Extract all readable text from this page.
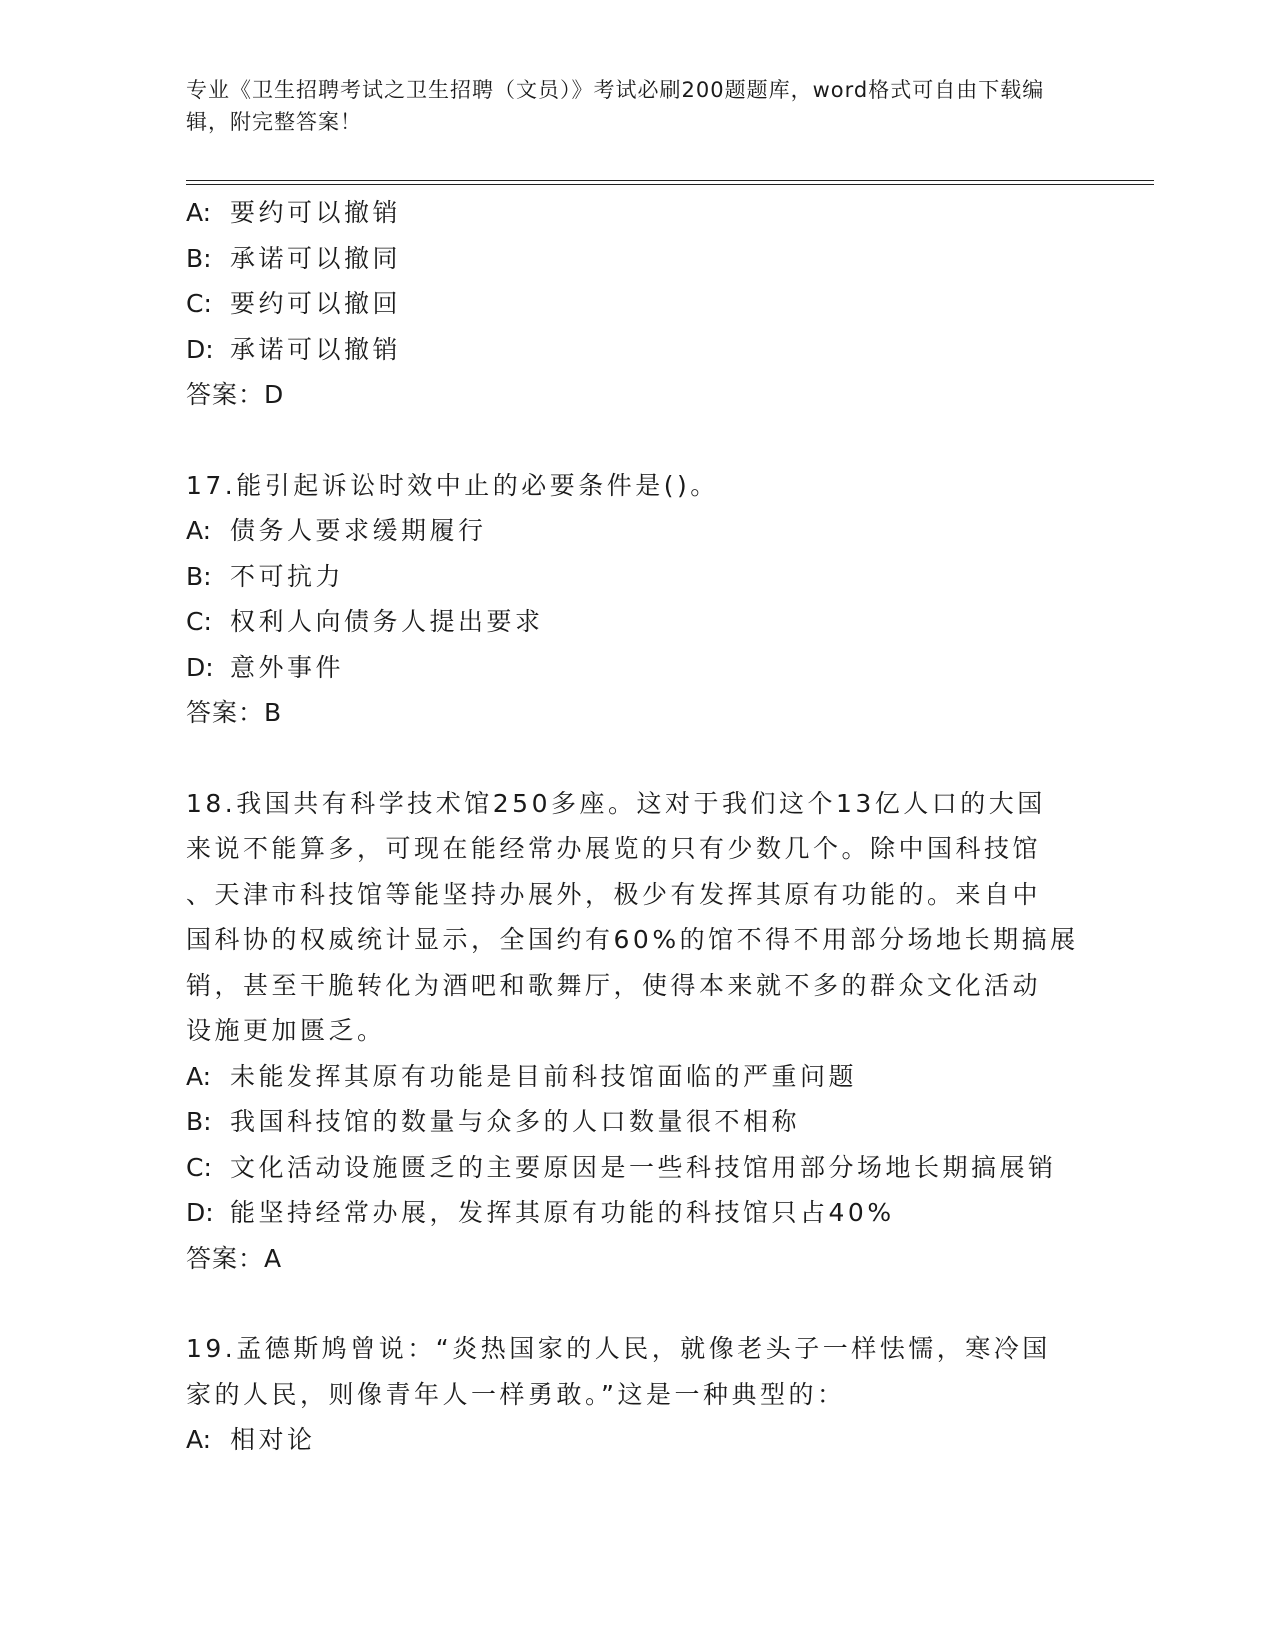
专业《卫生招聘考试之卫生招聘（文员）》考试必刷200题题库，word格式可自由下载编辑，附完整答案！
A: 要约可以撤销
B: 承诺可以撤同
C: 要约可以撤回
D: 承诺可以撤销
答案：D
17.能引起诉讼时效中止的必要条件是()。
A: 债务人要求缓期履行
B: 不可抗力
C: 权利人向债务人提出要求
D: 意外事件
答案：B
18.我国共有科学技术馆250多座。这对于我们这个13亿人口的大国
来说不能算多，可现在能经常办展览的只有少数几个。除中国科技馆
、天津市科技馆等能坚持办展外，极少有发挥其原有功能的。来自中
国科协的权威统计显示，全国约有60%的馆不得不用部分场地长期搞展
销，甚至干脆转化为酒吧和歌舞厅，使得本来就不多的群众文化活动
设施更加匮乏。
A: 未能发挥其原有功能是目前科技馆面临的严重问题
B: 我国科技馆的数量与众多的人口数量很不相称
C: 文化活动设施匮乏的主要原因是一些科技馆用部分场地长期搞展销
D: 能坚持经常办展，发挥其原有功能的科技馆只占40%
答案：A
19.孟德斯鸠曾说：“炎热国家的人民，就像老头子一样怯懦，寒冷国
家的人民，则像青年人一样勇敢。”这是一种典型的：
A: 相对论
